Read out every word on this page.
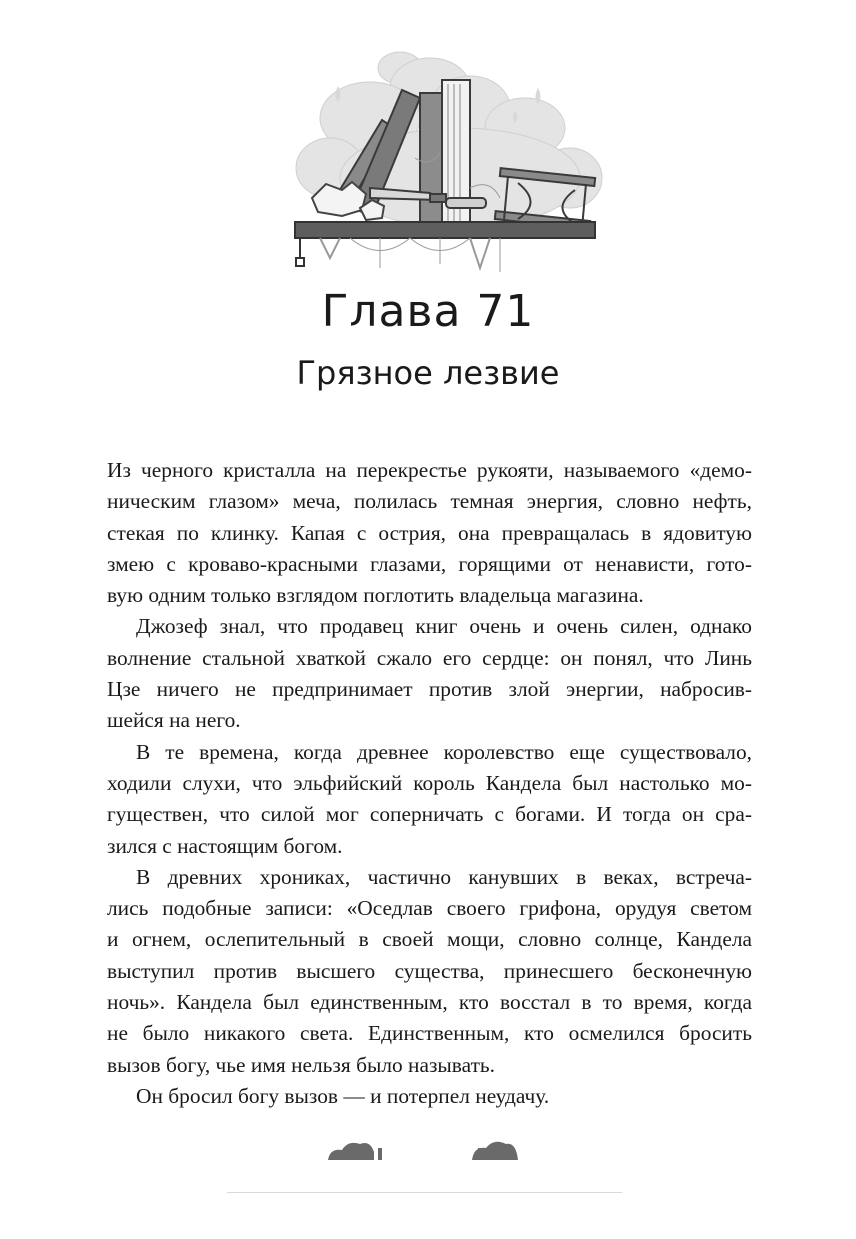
Глава 71
Грязное лезвие
Из черного кристалла на перекрестье рукояти, называемого «демо-
ническим глазом» меча, полилась темная энергия, словно нефть,
стекая по клинку. Капая с острия, она превращалась в ядовитую
змею с кроваво-красными глазами, горящими от ненависти, гото-
вую одним только взглядом поглотить владельца магазина.
Джозеф знал, что продавец книг очень и очень силен, однако
волнение стальной хваткой сжало его сердце: он понял, что Линь
Цзе ничего не предпринимает против злой энергии, набросив-
шейся на него.
В те времена, когда древнее королевство еще существовало,
ходили слухи, что эльфийский король Кандела был настолько мо-
гуществен, что силой мог соперничать с богами. И тогда он сра-
зился с настоящим богом.
В древних хрониках, частично канувших в веках, встреча-
лись подобные записи: «Оседлав своего грифона, орудуя светом
и огнем, ослепительный в своей мощи, словно солнце, Кандела
выступил против высшего существа, принесшего бесконечную
ночь». Кандела был единственным, кто восстал в то время, когда
не было никакого света. Единственным, кто осмелился бросить
вызов богу, чье имя нельзя было называть.
Он бросил богу вызов — и потерпел неудачу.
